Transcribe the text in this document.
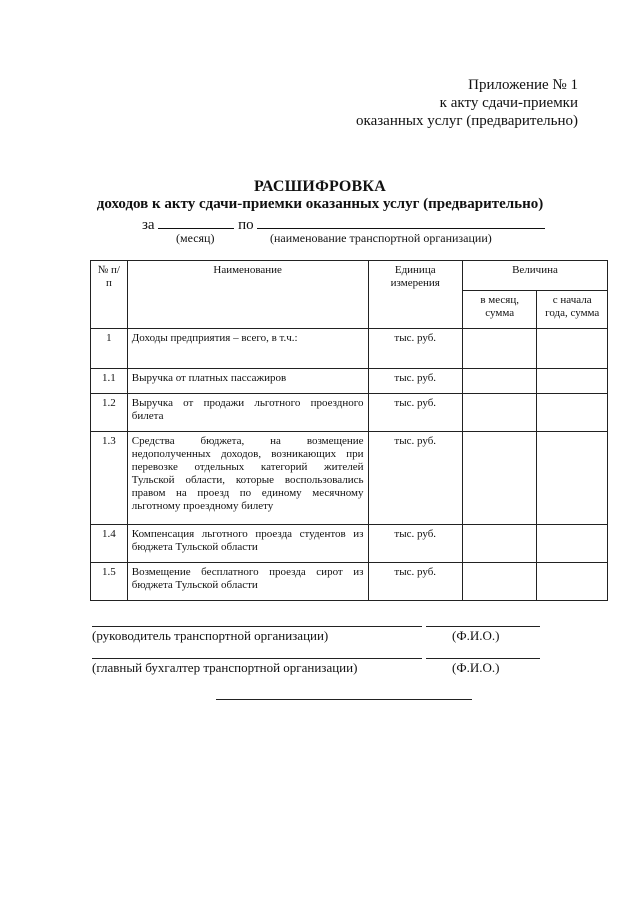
Приложение № 1
к акту сдачи-приемки
оказанных услуг (предварительно)
РАСШИФРОВКА
доходов к акту сдачи-приемки оказанных услуг (предварительно)
за	по
(месяц)	(наименование транспортной организации)
№ п/п	Наименование	Единица измерения	Величина	
			в месяц, сумма	с начала года, сумма
1	Доходы предприятия – всего, в т.ч.:	тыс. руб.		
1.1	Выручка от платных пассажиров	тыс. руб.		
1.2	Выручка от продажи льготного проездного билета	тыс. руб.		
1.3	Средства бюджета, на возмещение недополученных доходов, возникающих при перевозке отдельных категорий жителей Тульской области, которые воспользовались правом на проезд по единому месячному льготному проездному билету	тыс. руб.		
1.4	Компенсация льготного проезда студентов из бюджета Тульской области	тыс. руб.		
1.5	Возмещение бесплатного проезда сирот из бюджета Тульской области	тыс. руб.		
(руководитель транспортной организации)	(Ф.И.О.)
(главный бухгалтер транспортной организации)	(Ф.И.О.)
